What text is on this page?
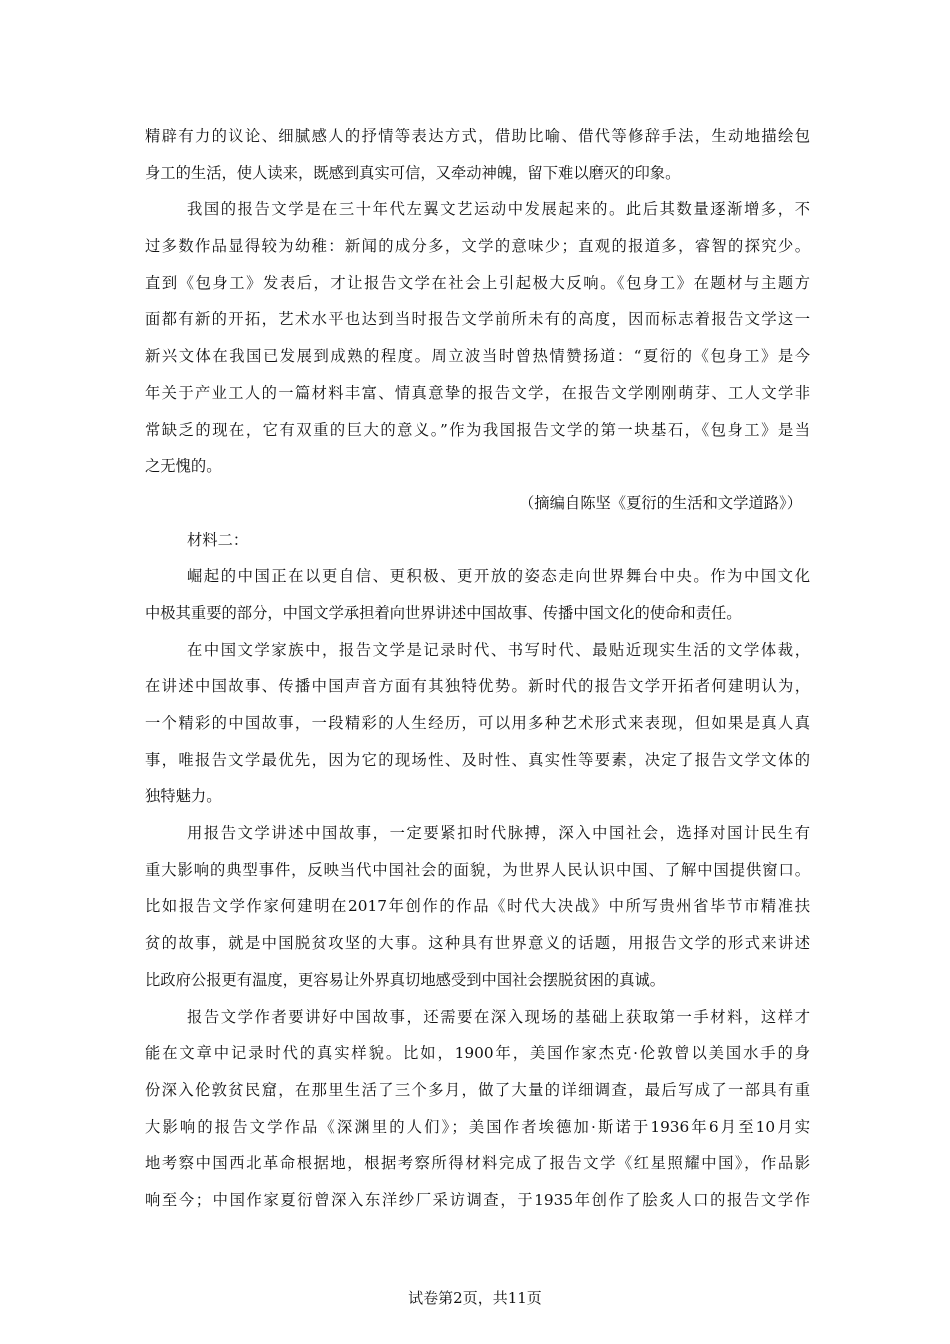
精辟有力的议论、细腻感人的抒情等表达方式，借助比喻、借代等修辞手法，生动地描绘包
身工的生活，使人读来，既感到真实可信，又牵动神魄，留下难以磨灭的印象。
我国的报告文学是在三十年代左翼文艺运动中发展起来的。此后其数量逐渐增多，不
过多数作品显得较为幼稚：新闻的成分多，文学的意味少；直观的报道多，睿智的探究少。
直到《包身工》发表后，才让报告文学在社会上引起极大反响。《包身工》在题材与主题方
面都有新的开拓，艺术水平也达到当时报告文学前所未有的高度，因而标志着报告文学这一
新兴文体在我国已发展到成熟的程度。周立波当时曾热情赞扬道：“夏衍的《包身工》是今
年关于产业工人的一篇材料丰富、情真意挚的报告文学，在报告文学刚刚萌芽、工人文学非
常缺乏的现在，它有双重的巨大的意义。”作为我国报告文学的第一块基石，《包身工》是当
之无愧的。
（摘编自陈坚《夏衍的生活和文学道路》）
材料二：
崛起的中国正在以更自信、更积极、更开放的姿态走向世界舞台中央。作为中国文化
中极其重要的部分，中国文学承担着向世界讲述中国故事、传播中国文化的使命和责任。
在中国文学家族中，报告文学是记录时代、书写时代、最贴近现实生活的文学体裁，
在讲述中国故事、传播中国声音方面有其独特优势。新时代的报告文学开拓者何建明认为，
一个精彩的中国故事，一段精彩的人生经历，可以用多种艺术形式来表现，但如果是真人真
事，唯报告文学最优先，因为它的现场性、及时性、真实性等要素，决定了报告文学文体的
独特魅力。
用报告文学讲述中国故事，一定要紧扣时代脉搏，深入中国社会，选择对国计民生有
重大影响的典型事件，反映当代中国社会的面貌，为世界人民认识中国、了解中国提供窗口。
比如报告文学作家何建明在2017年创作的作品《时代大决战》中所写贵州省毕节市精准扶
贫的故事，就是中国脱贫攻坚的大事。这种具有世界意义的话题，用报告文学的形式来讲述
比政府公报更有温度，更容易让外界真切地感受到中国社会摆脱贫困的真诚。
报告文学作者要讲好中国故事，还需要在深入现场的基础上获取第一手材料，这样才
能在文章中记录时代的真实样貌。比如，1900年，美国作家杰克·伦敦曾以美国水手的身
份深入伦敦贫民窟，在那里生活了三个多月，做了大量的详细调查，最后写成了一部具有重
大影响的报告文学作品《深渊里的人们》；美国作者埃德加·斯诺于1936年6月至10月实
地考察中国西北革命根据地，根据考察所得材料完成了报告文学《红星照耀中国》，作品影
响至今；中国作家夏衍曾深入东洋纱厂采访调查，于1935年创作了脍炙人口的报告文学作
试卷第2页，共11页
